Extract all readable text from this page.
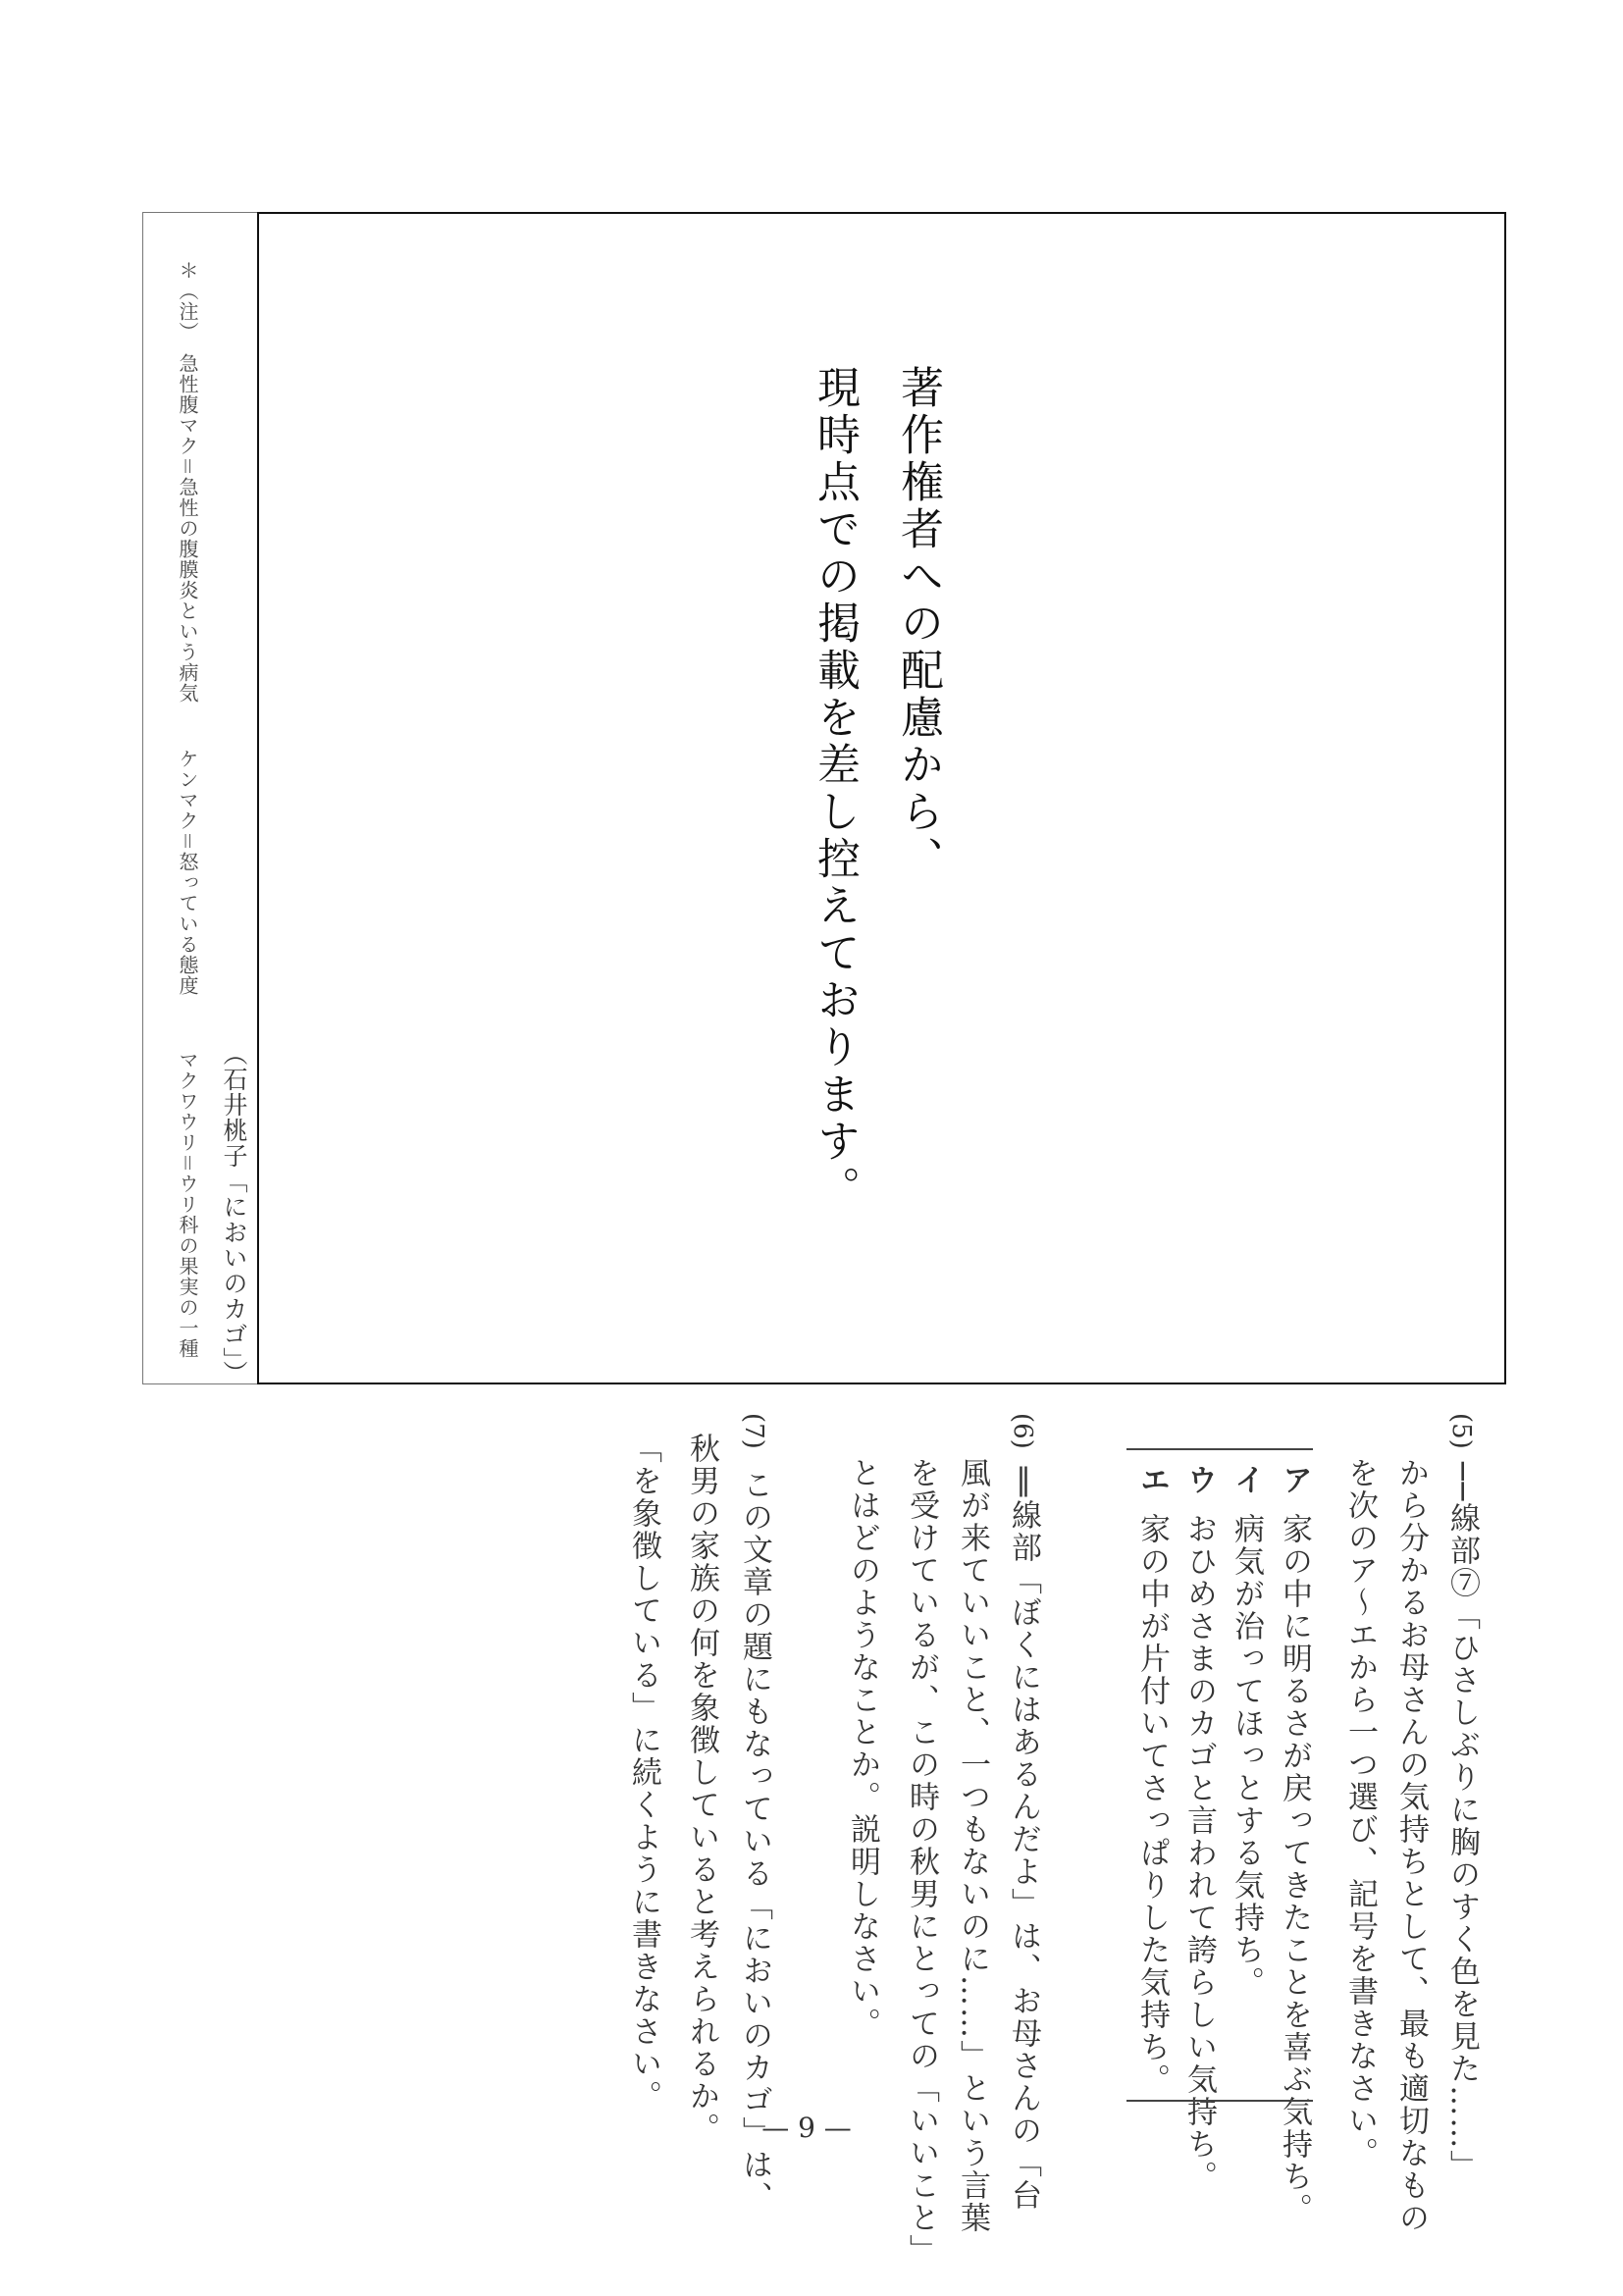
＊（注）　急性腹マク＝急性の腹膜炎という病気
ケンマク＝怒っている態度
マクワウリ＝ウリ科の果実の一種 （石井桃子「においのカゴ」）
著作権者への配慮から、
現時点での掲載を差し控えております。
(5)
──線部⑦「ひさしぶりに胸のすく色を見た……」
から分かるお母さんの気持ちとして、最も適切なもの
を次のア〜エから一つ選び、記号を書きなさい。
ア
家の中に明るさが戻ってきたことを喜ぶ気持ち。
イ
病気が治ってほっとする気持ち。
ウ
おひめさまのカゴと言われて誇らしい気持ち。
エ
家の中が片付いてさっぱりした気持ち。
(6)
‖線部「ぼくにはあるんだよ」は、お母さんの「台
風が来ていいこと、一つもないのに……」という言葉
を受けているが、この時の秋男にとっての「いいこと」
とはどのようなことか。説明しなさい。
(7)
この文章の題にもなっている「においのカゴ」は、
秋男の家族の何を象徴していると考えられるか。
「を象徴している」に続くように書きなさい。
— 9 —
